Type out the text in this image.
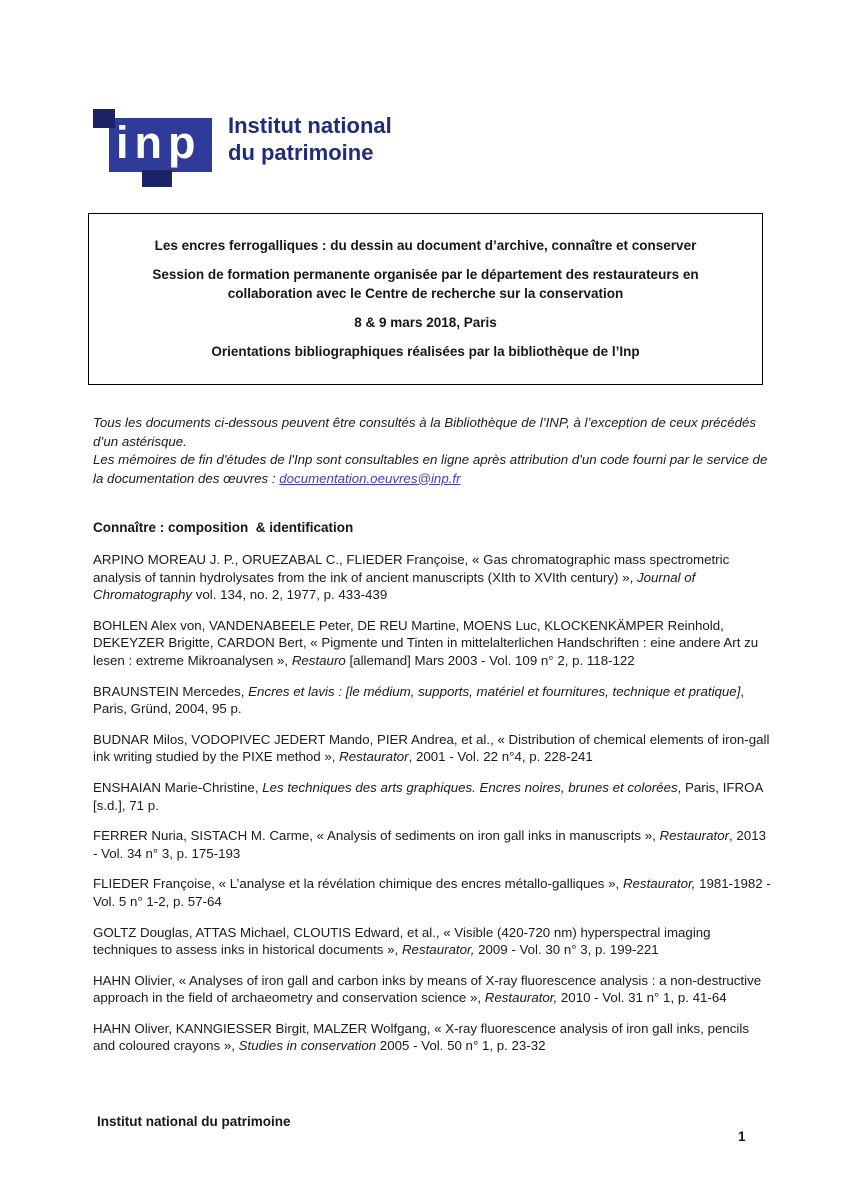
inp	Institut national
du patrimoine

Les encres ferrogalliques : du dessin au document d’archive, connaître et conserver

Session de formation permanente organisée par le département des restaurateurs en collaboration avec le Centre de recherche sur la conservation

8 & 9 mars 2018, Paris

Orientations bibliographiques réalisées par la bibliothèque de l’Inp

Tous les documents ci-dessous peuvent être consultés à la Bibliothèque de l’INP, à l’exception de ceux précédés d’un astérisque.
Les mémoires de fin d'études de l'Inp sont consultables en ligne après attribution d'un code fourni par le service de la documentation des œuvres : documentation.oeuvres@inp.fr
Connaître : composition  & identification

ARPINO MOREAU J. P., ORUEZABAL C., FLIEDER Françoise, « Gas chromatographic mass spectrometric analysis of tannin hydrolysates from the ink of ancient manuscripts (XIth to XVIth century) », Journal of Chromatography vol. 134, no. 2, 1977, p. 433-439

BOHLEN Alex von, VANDENABEELE Peter, DE REU Martine, MOENS Luc, KLOCKENKÄMPER Reinhold, DEKEYZER Brigitte, CARDON Bert, « Pigmente und Tinten in mittelalterlichen Handschriften : eine andere Art zu lesen : extreme Mikroanalysen », Restauro [allemand] Mars 2003 - Vol. 109 n° 2, p. 118-122

BRAUNSTEIN Mercedes, Encres et lavis : [le médium, supports, matériel et fournitures, technique et pratique], Paris, Gründ, 2004, 95 p.

BUDNAR Milos, VODOPIVEC JEDERT Mando, PIER Andrea, et al., « Distribution of chemical elements of iron-gall ink writing studied by the PIXE method », Restaurator, 2001 - Vol. 22 n°4, p. 228-241

ENSHAIAN Marie-Christine, Les techniques des arts graphiques. Encres noires, brunes et colorées, Paris, IFROA [s.d.], 71 p.

FERRER Nuria, SISTACH M. Carme, « Analysis of sediments on iron gall inks in manuscripts », Restaurator, 2013 - Vol. 34 n° 3, p. 175-193

FLIEDER Françoise, « L’analyse et la révélation chimique des encres métallo-galliques », Restaurator, 1981-1982 - Vol. 5 n° 1-2, p. 57-64

GOLTZ Douglas, ATTAS Michael, CLOUTIS Edward, et al., « Visible (420-720 nm) hyperspectral imaging techniques to assess inks in historical documents », Restaurator, 2009 - Vol. 30 n° 3, p. 199-221

HAHN Olivier, « Analyses of iron gall and carbon inks by means of X-ray fluorescence analysis : a non-destructive approach in the field of archaeometry and conservation science », Restaurator, 2010 - Vol. 31 n° 1, p. 41-64

HAHN Oliver, KANNGIESSER Birgit, MALZER Wolfgang, « X-ray fluorescence analysis of iron gall inks, pencils and coloured crayons », Studies in conservation 2005 - Vol. 50 n° 1, p. 23-32

Institut national du patrimoine
1
